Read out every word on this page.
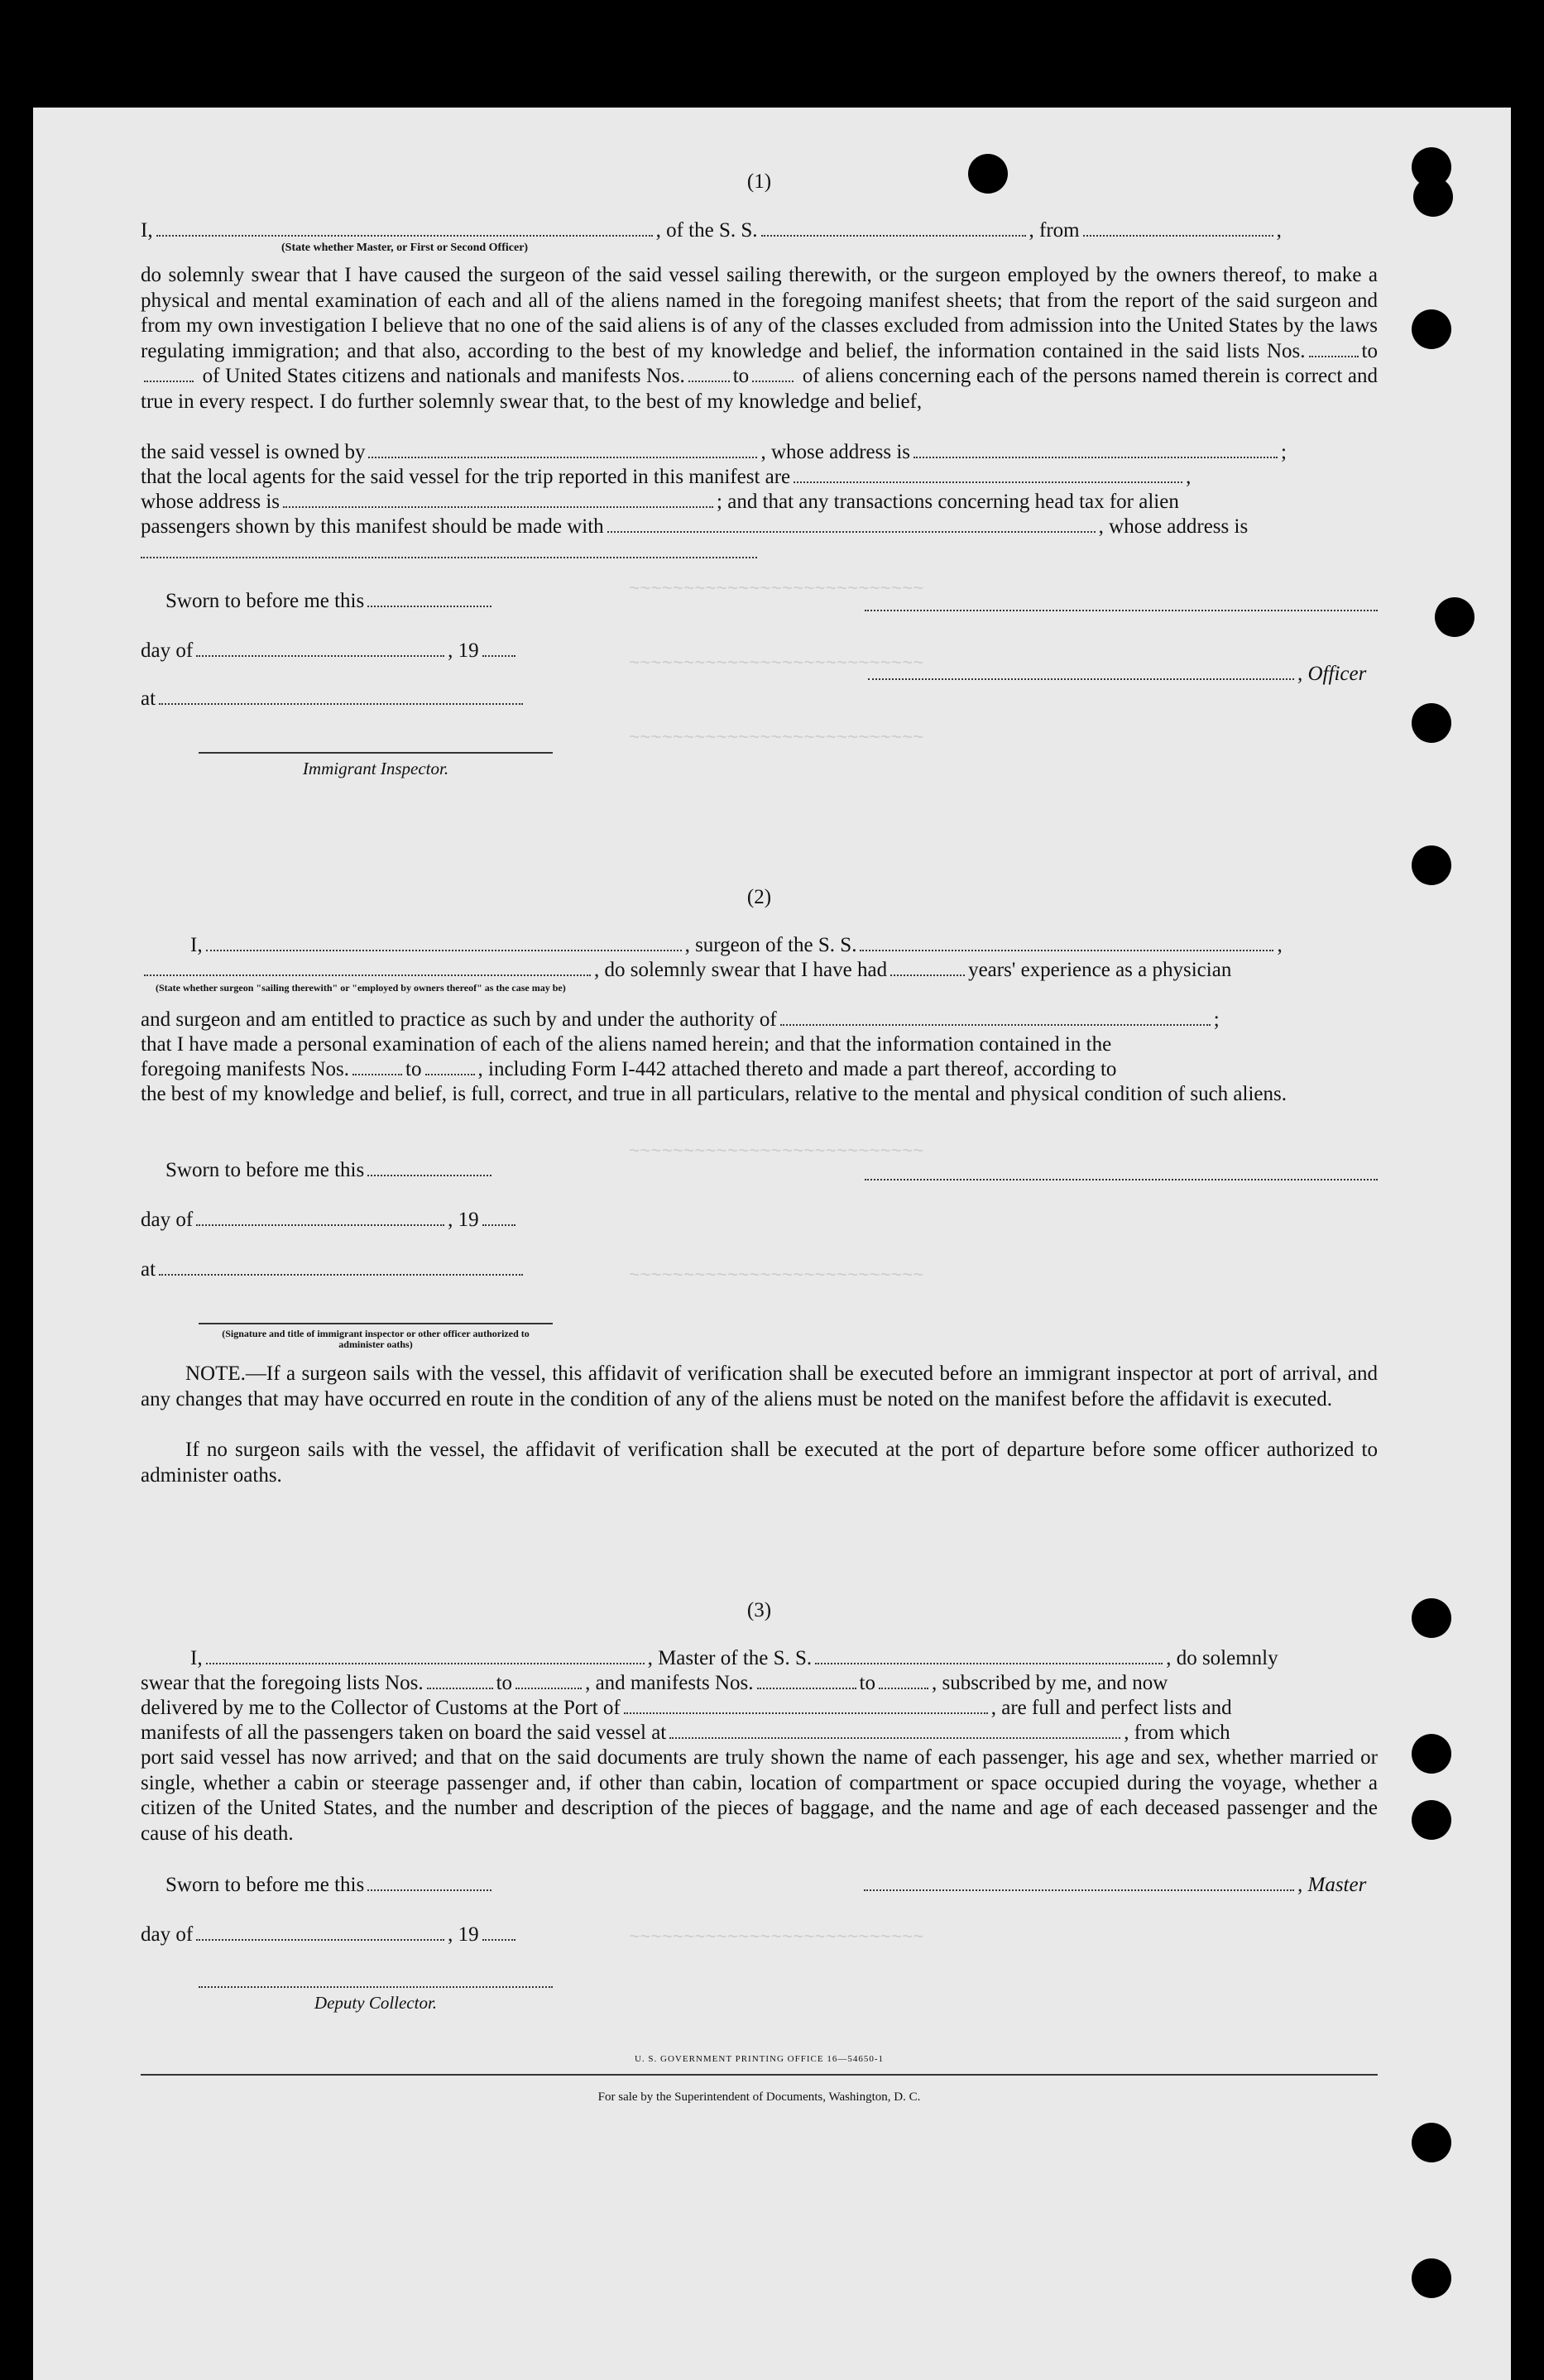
~~~~~~~~~~~~~~~~~~~~~~~~~~~
~~~~~~~~~~~~~~~~~~~~~~~~~~~
~~~~~~~~~~~~~~~~~~~~~~~~~~~
~~~~~~~~~~~~~~~~~~~~~~~~~~~
~~~~~~~~~~~~~~~~~~~~~~~~~~~
~~~~~~~~~~~~~~~~~~~~~~~~~~~
(1)
I,	, of the S. S.	, from	,
(State whether Master, or First or Second Officer)
do solemnly swear that I have caused the surgeon of the said vessel sailing therewith, or the surgeon employed by the owners thereof, to make a physical and mental examination of each and all of the aliens named in the foregoing manifest sheets; that from the report of the said surgeon and from my own investigation I believe that no one of the said aliens is of any of the classes excluded from admission into the United States by the laws regulating immigration; and that also, according to the best of my knowledge and belief, the information contained in the said lists Nos.	to of United States citizens and nationals and manifests Nos. to	of aliens concerning each of the persons named therein is correct and true in every respect. I do further solemnly swear that, to the best of my knowledge and belief,
the said vessel is owned by	, whose address is	;
that the local agents for the said vessel for the trip reported in this manifest are	,
whose address is	; and that any transactions concerning head tax for alien
passengers shown by this manifest should be made with	, whose address is
Sworn to before me this
day of	, 19
, Officer
at
Immigrant Inspector.
(2)
I,	, surgeon of the S. S.	,
, do solemnly swear that I have had	years' experience as a physician
(State whether surgeon "sailing therewith" or "employed by owners thereof" as the case may be)
and surgeon and am entitled to practice as such by and under the authority of	;
that I have made a personal examination of each of the aliens named herein; and that the information contained in the
foregoing manifests Nos.	to	, including Form I-442 attached thereto and made a part thereof, according to
the best of my knowledge and belief, is full, correct, and true in all particulars, relative to the mental and physical condition of such aliens.
Sworn to before me this
day of	, 19
at
(Signature and title of immigrant inspector or other officer authorized to administer oaths)
NOTE.—If a surgeon sails with the vessel, this affidavit of verification shall be executed before an immigrant inspector at port of arrival, and any changes that may have occurred en route in the condition of any of the aliens must be noted on the manifest before the affidavit is executed.
If no surgeon sails with the vessel, the affidavit of verification shall be executed at the port of departure before some officer authorized to administer oaths.
(3)
I,	, Master of the S. S.	, do solemnly
swear that the foregoing lists Nos.	to	, and manifests Nos.	to	, subscribed by me, and now
delivered by me to the Collector of Customs at the Port of	, are full and perfect lists and
manifests of all the passengers taken on board the said vessel at	, from which
port said vessel has now arrived; and that on the said documents are truly shown the name of each passenger, his age and sex, whether married or single, whether a cabin or steerage passenger and, if other than cabin, location of compartment or space occupied during the voyage, whether a citizen of the United States, and the number and description of the pieces of baggage, and the name and age of each deceased passenger and the cause of his death.
Sworn to before me this	, Master
day of	, 19
Deputy Collector.
U. S. GOVERNMENT PRINTING OFFICE 16—54650-1
For sale by the Superintendent of Documents, Washington, D. C.
